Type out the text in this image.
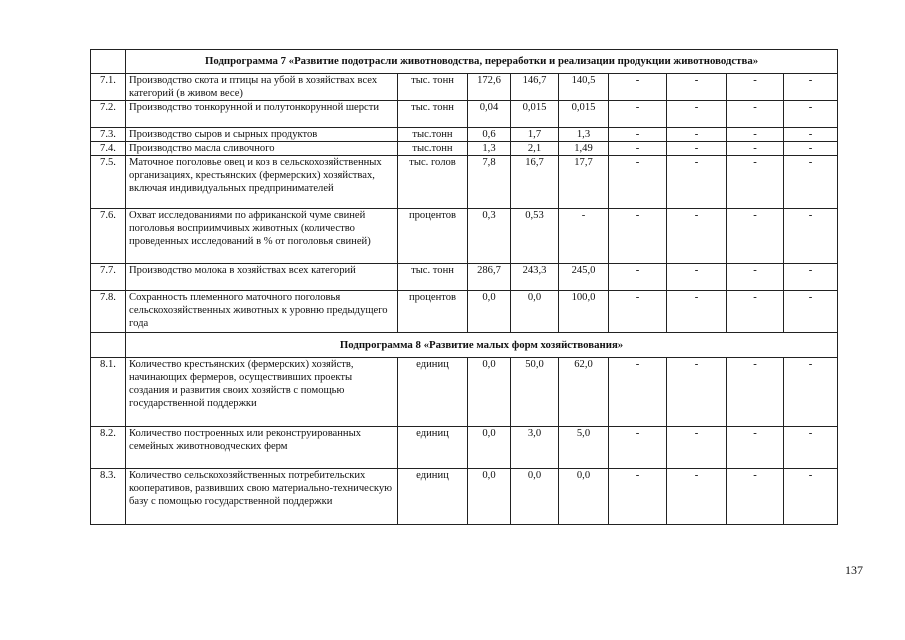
	Подпрограмма 7 «Развитие подотрасли животноводства, переработки и реализации продукции животноводства»								
7.1.	Производство скота и птицы на убой в хозяйствах всех категорий (в живом весе)	тыс. тонн	172,6	146,7	140,5	-	-	-	-
7.2.	Производство тонкорунной и полутонкорунной шерсти	тыс. тонн	0,04	0,015	0,015	-	-	-	-
7.3.	Производство сыров и сырных продуктов	тыс.тонн	0,6	1,7	1,3	-	-	-	-
7.4.	Производство масла сливочного	тыс.тонн	1,3	2,1	1,49	-	-	-	-
7.5.	Маточное поголовье овец и коз в сельскохозяйственных организациях, крестьянских (фермерских) хозяйствах, включая индивидуальных предпринимателей	тыс. голов	7,8	16,7	17,7	-	-	-	-
7.6.	Охват исследованиями по африканской чуме свиней поголовья восприимчивых животных (количество проведенных исследований в % от поголовья свиней)	процентов	0,3	0,53	-	-	-	-	-
7.7.	Производство молока в хозяйствах всех категорий	тыс. тонн	286,7	243,3	245,0	-	-	-	-
7.8.	Сохранность племенного маточного поголовья сельскохозяйственных животных к уровню предыдущего года	процентов	0,0	0,0	100,0	-	-	-	-
	Подпрограмма 8 «Развитие малых форм хозяйствования»								
8.1.	Количество крестьянских (фермерских) хозяйств, начинающих фермеров, осуществивших проекты создания и развития своих хозяйств с помощью государственной поддержки	единиц	0,0	50,0	62,0	-	-	-	-
8.2.	Количество построенных или реконструированных семейных животноводческих ферм	единиц	0,0	3,0	5,0	-	-	-	-
8.3.	Количество сельскохозяйственных потребительских кооперативов, развивших свою материально-техническую базу с помощью государственной поддержки	единиц	0,0	0,0	0,0	-	-	-	-
137
